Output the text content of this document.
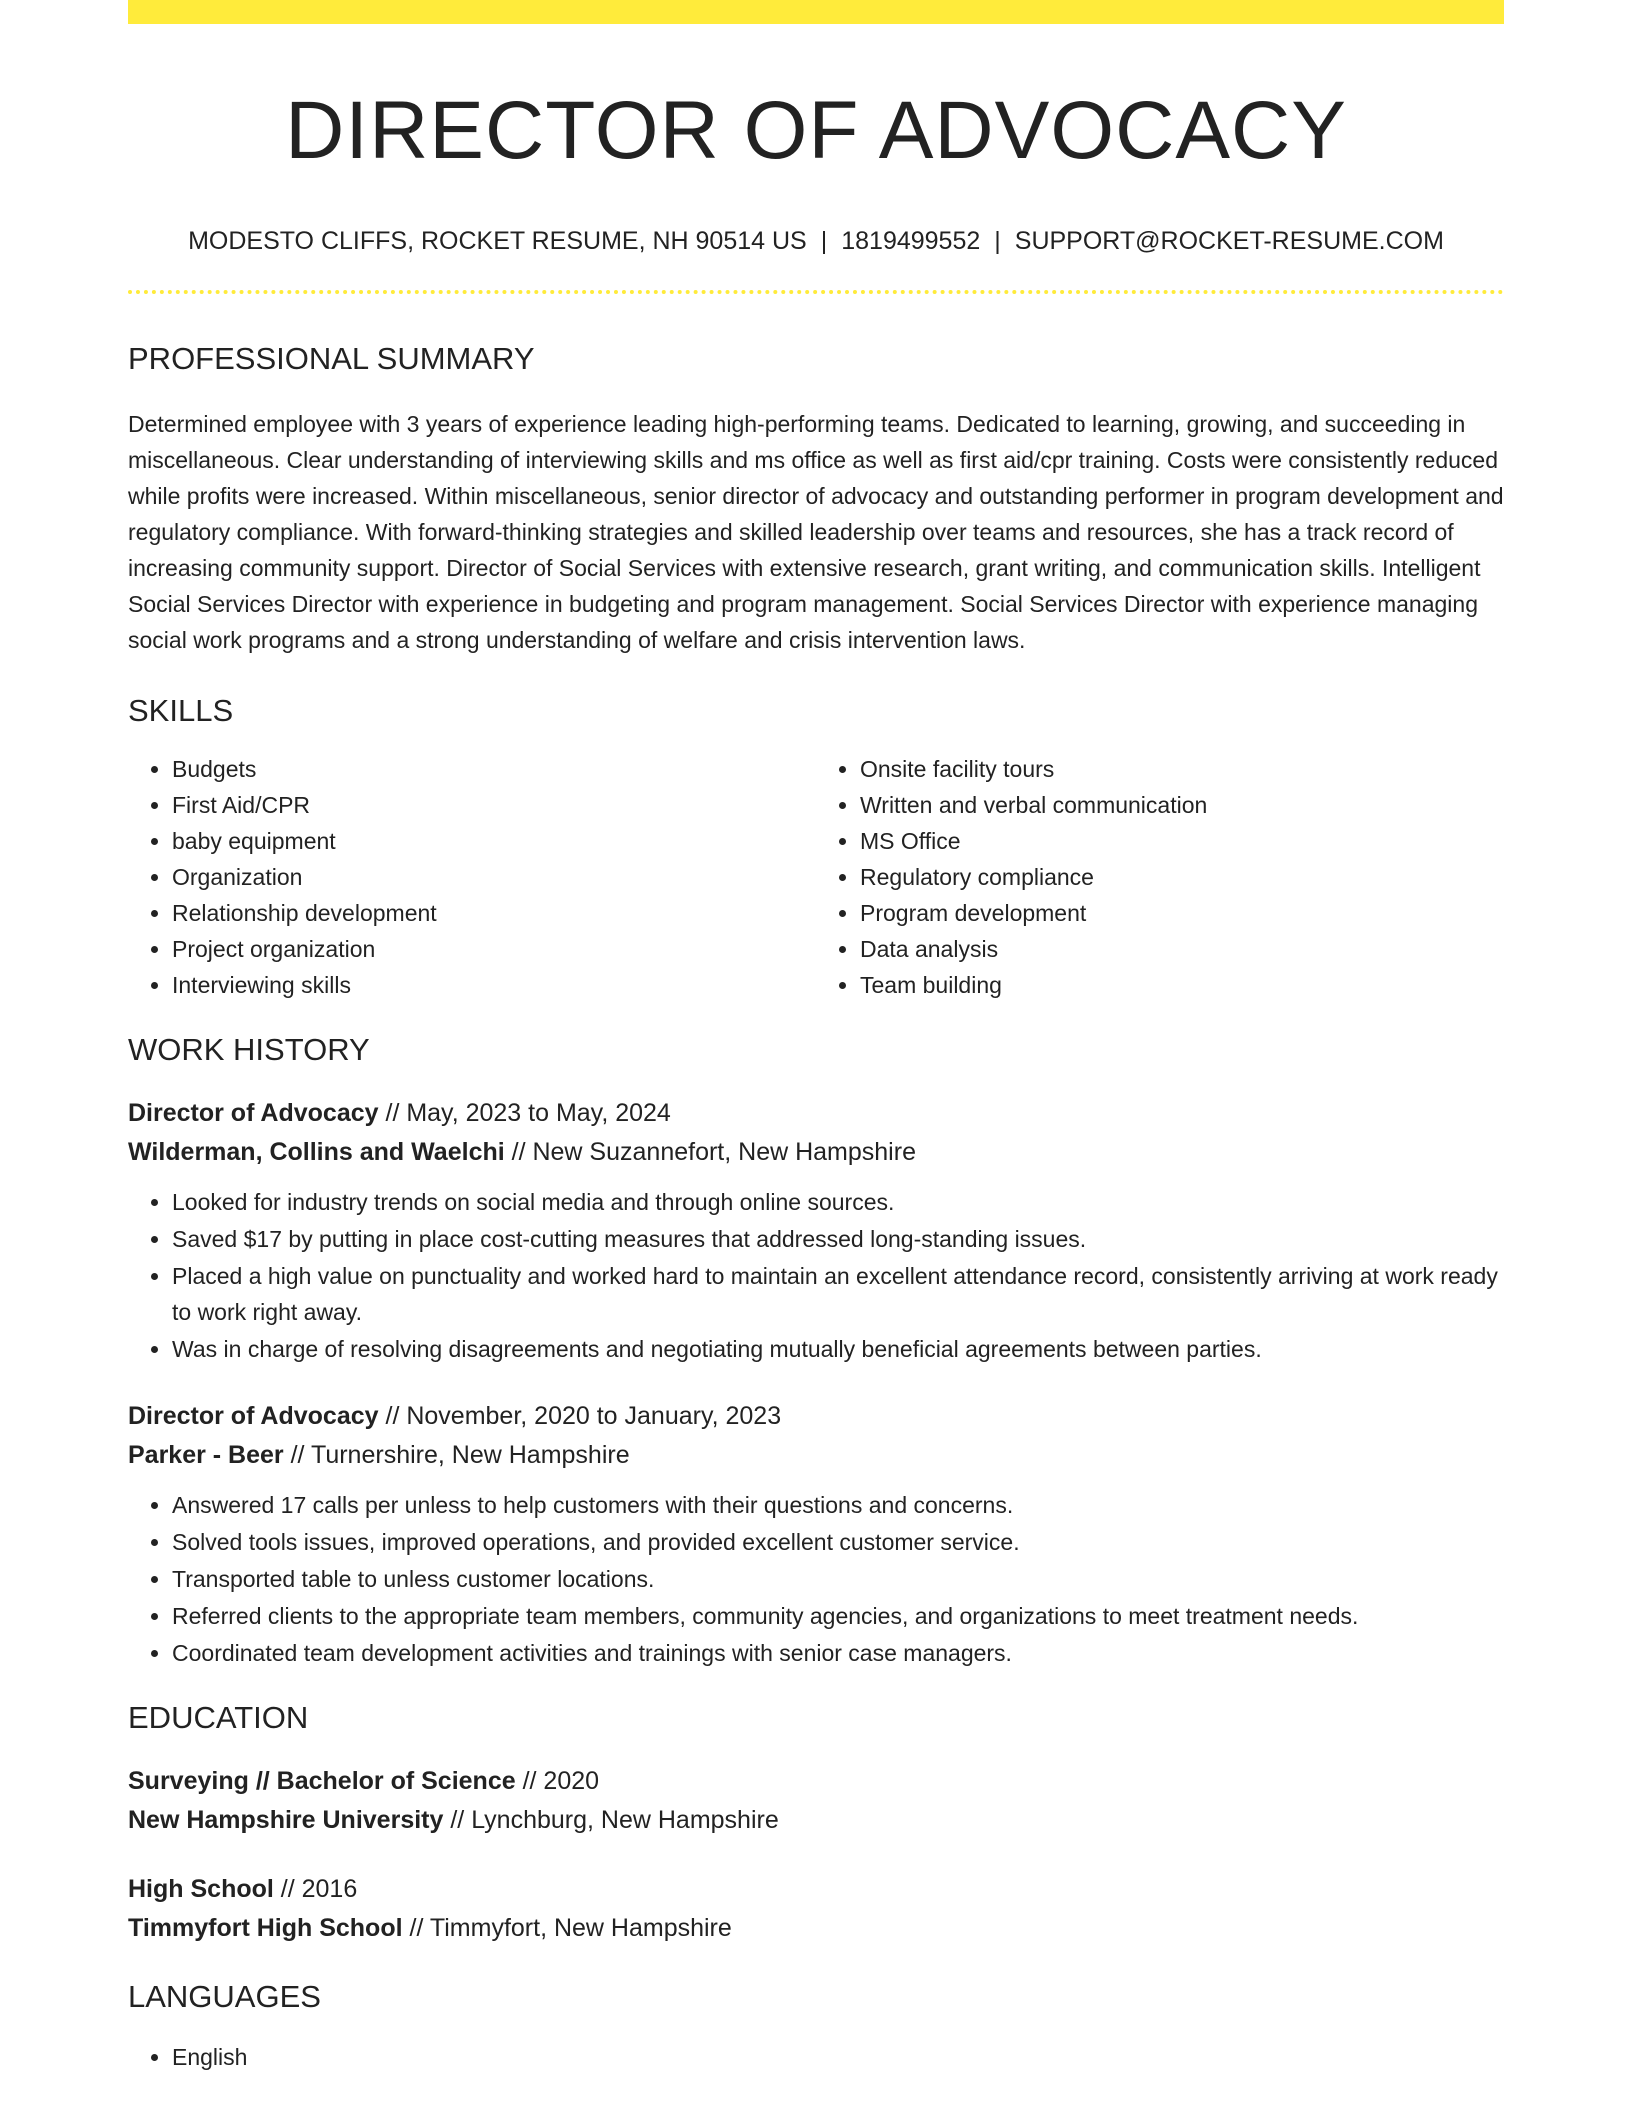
DIRECTOR OF ADVOCACY
MODESTO CLIFFS, ROCKET RESUME, NH 90514 US | 1819499552 | SUPPORT@ROCKET-RESUME.COM
PROFESSIONAL SUMMARY

Determined employee with 3 years of experience leading high-performing teams. Dedicated to learning, growing, and succeeding in miscellaneous. Clear understanding of interviewing skills and ms office as well as first aid/cpr training. Costs were consistently reduced while profits were increased. Within miscellaneous, senior director of advocacy and outstanding performer in program development and regulatory compliance. With forward-thinking strategies and skilled leadership over teams and resources, she has a track record of increasing community support. Director of Social Services with extensive research, grant writing, and communication skills. Intelligent Social Services Director with experience in budgeting and program management. Social Services Director with experience managing social work programs and a strong understanding of welfare and crisis intervention laws.

SKILLS
• Budgets
• First Aid/CPR
• baby equipment
• Organization
• Relationship development
• Project organization
• Interviewing skills
• Onsite facility tours
• Written and verbal communication
• MS Office
• Regulatory compliance
• Program development
• Data analysis
• Team building
WORK HISTORY
Director of Advocacy // May, 2023 to May, 2024
Wilderman, Collins and Waelchi // New Suzannefort, New Hampshire
• Looked for industry trends on social media and through online sources.
• Saved $17 by putting in place cost-cutting measures that addressed long-standing issues.
• Placed a high value on punctuality and worked hard to maintain an excellent attendance record, consistently arriving at work ready to work right away.
• Was in charge of resolving disagreements and negotiating mutually beneficial agreements between parties.
Director of Advocacy // November, 2020 to January, 2023
Parker - Beer // Turnershire, New Hampshire
• Answered 17 calls per unless to help customers with their questions and concerns.
• Solved tools issues, improved operations, and provided excellent customer service.
• Transported table to unless customer locations.
• Referred clients to the appropriate team members, community agencies, and organizations to meet treatment needs.
• Coordinated team development activities and trainings with senior case managers.
EDUCATION
Surveying // Bachelor of Science // 2020
New Hampshire University // Lynchburg, New Hampshire
High School // 2016
Timmyfort High School // Timmyfort, New Hampshire
LANGUAGES
• English
